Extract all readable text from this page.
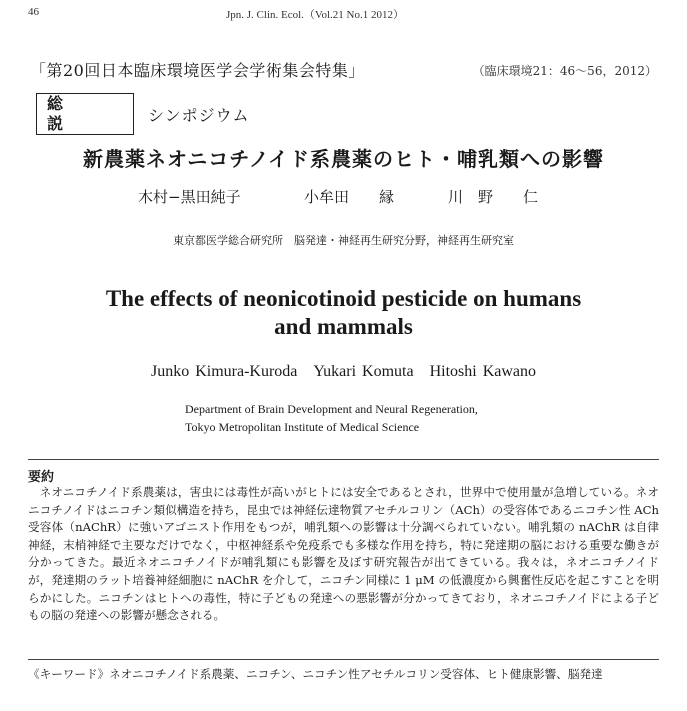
46	Jpn. J. Clin. Ecol.（Vol.21 No.1 2012）
「第20回日本臨床環境医学会学術集会特集」	（臨床環境21：46〜56，2012）
総　説	シンポジウム
新農薬ネオニコチノイド系農薬のヒト・哺乳類への影響
木村−黒田純子	小牟田　　縁	川　野　　仁
東京都医学総合研究所　脳発達・神経再生研究分野，神経再生研究室
The effects of neonicotinoid pesticide on humans
and mammals
Junko Kimura-Kuroda　Yukari Komuta　Hitoshi Kawano
Department of Brain Development and Neural Regeneration,
Tokyo Metropolitan Institute of Medical Science
要約

ネオニコチノイド系農薬は，害虫には毒性が高いがヒトには安全であるとされ，世界中で使用量が急増している。ネオニコチノイドはニコチン類似構造を持ち，昆虫では神経伝達物質アセチルコリン（ACh）の受容体であるニコチン性 ACh 受容体（nAChR）に強いアゴニスト作用をもつが，哺乳類への影響は十分調べられていない。哺乳類の nAChR は自律神経，末梢神経で主要なだけでなく，中枢神経系や免疫系でも多様な作用を持ち，特に発達期の脳における重要な働きが分かってきた。最近ネオニコチノイドが哺乳類にも影響を及ぼす研究報告が出てきている。我々は，ネオニコチノイドが，発達期のラット培養神経細胞に nAChR を介して，ニコチン同様に 1 μM の低濃度から興奮性反応を起こすことを明らかにした。ニコチンはヒトへの毒性，特に子どもの発達への悪影響が分かってきており，ネオニコチノイドによる子どもの脳の発達への影響が懸念される。

《キーワード》 ネオニコチノイド系農薬、ニコチン、ニコチン性アセチルコリン受容体、ヒト健康影響、脳発達
